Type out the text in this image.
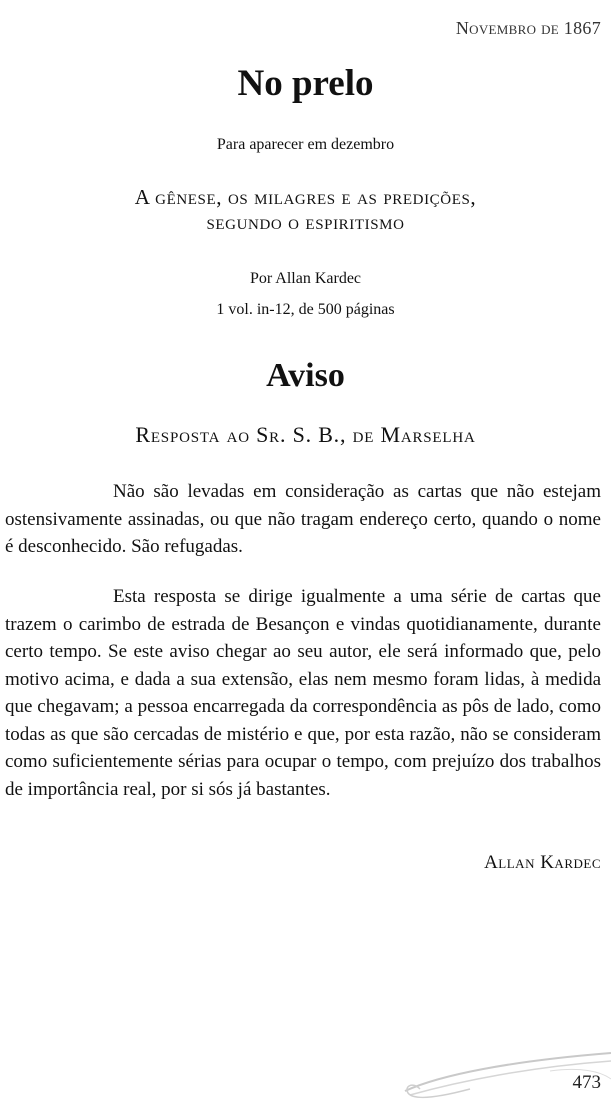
Novembro de 1867
No prelo
Para aparecer em dezembro
A gênese, os milagres e as predições,
segundo o espiritismo
Por Allan Kardec
1 vol. in-12, de 500 páginas
Aviso
Resposta ao Sr. S. B., de Marselha

Não são levadas em consideração as cartas que não estejam ostensivamente assinadas, ou que não tragam endereço certo, quando o nome é desconhecido. São refugadas.

Esta resposta se dirige igualmente a uma série de cartas que trazem o carimbo de estrada de Besançon e vindas quotidianamente, durante certo tempo. Se este aviso chegar ao seu autor, ele será informado que, pelo motivo acima, e dada a sua extensão, elas nem mesmo foram lidas, à medida que chegavam; a pessoa encarregada da correspondência as pôs de lado, como todas as que são cercadas de mistério e que, por esta razão, não se consideram como suficientemente sérias para ocupar o tempo, com prejuízo dos trabalhos de importância real, por si sós já bastantes.

Allan Kardec
473
